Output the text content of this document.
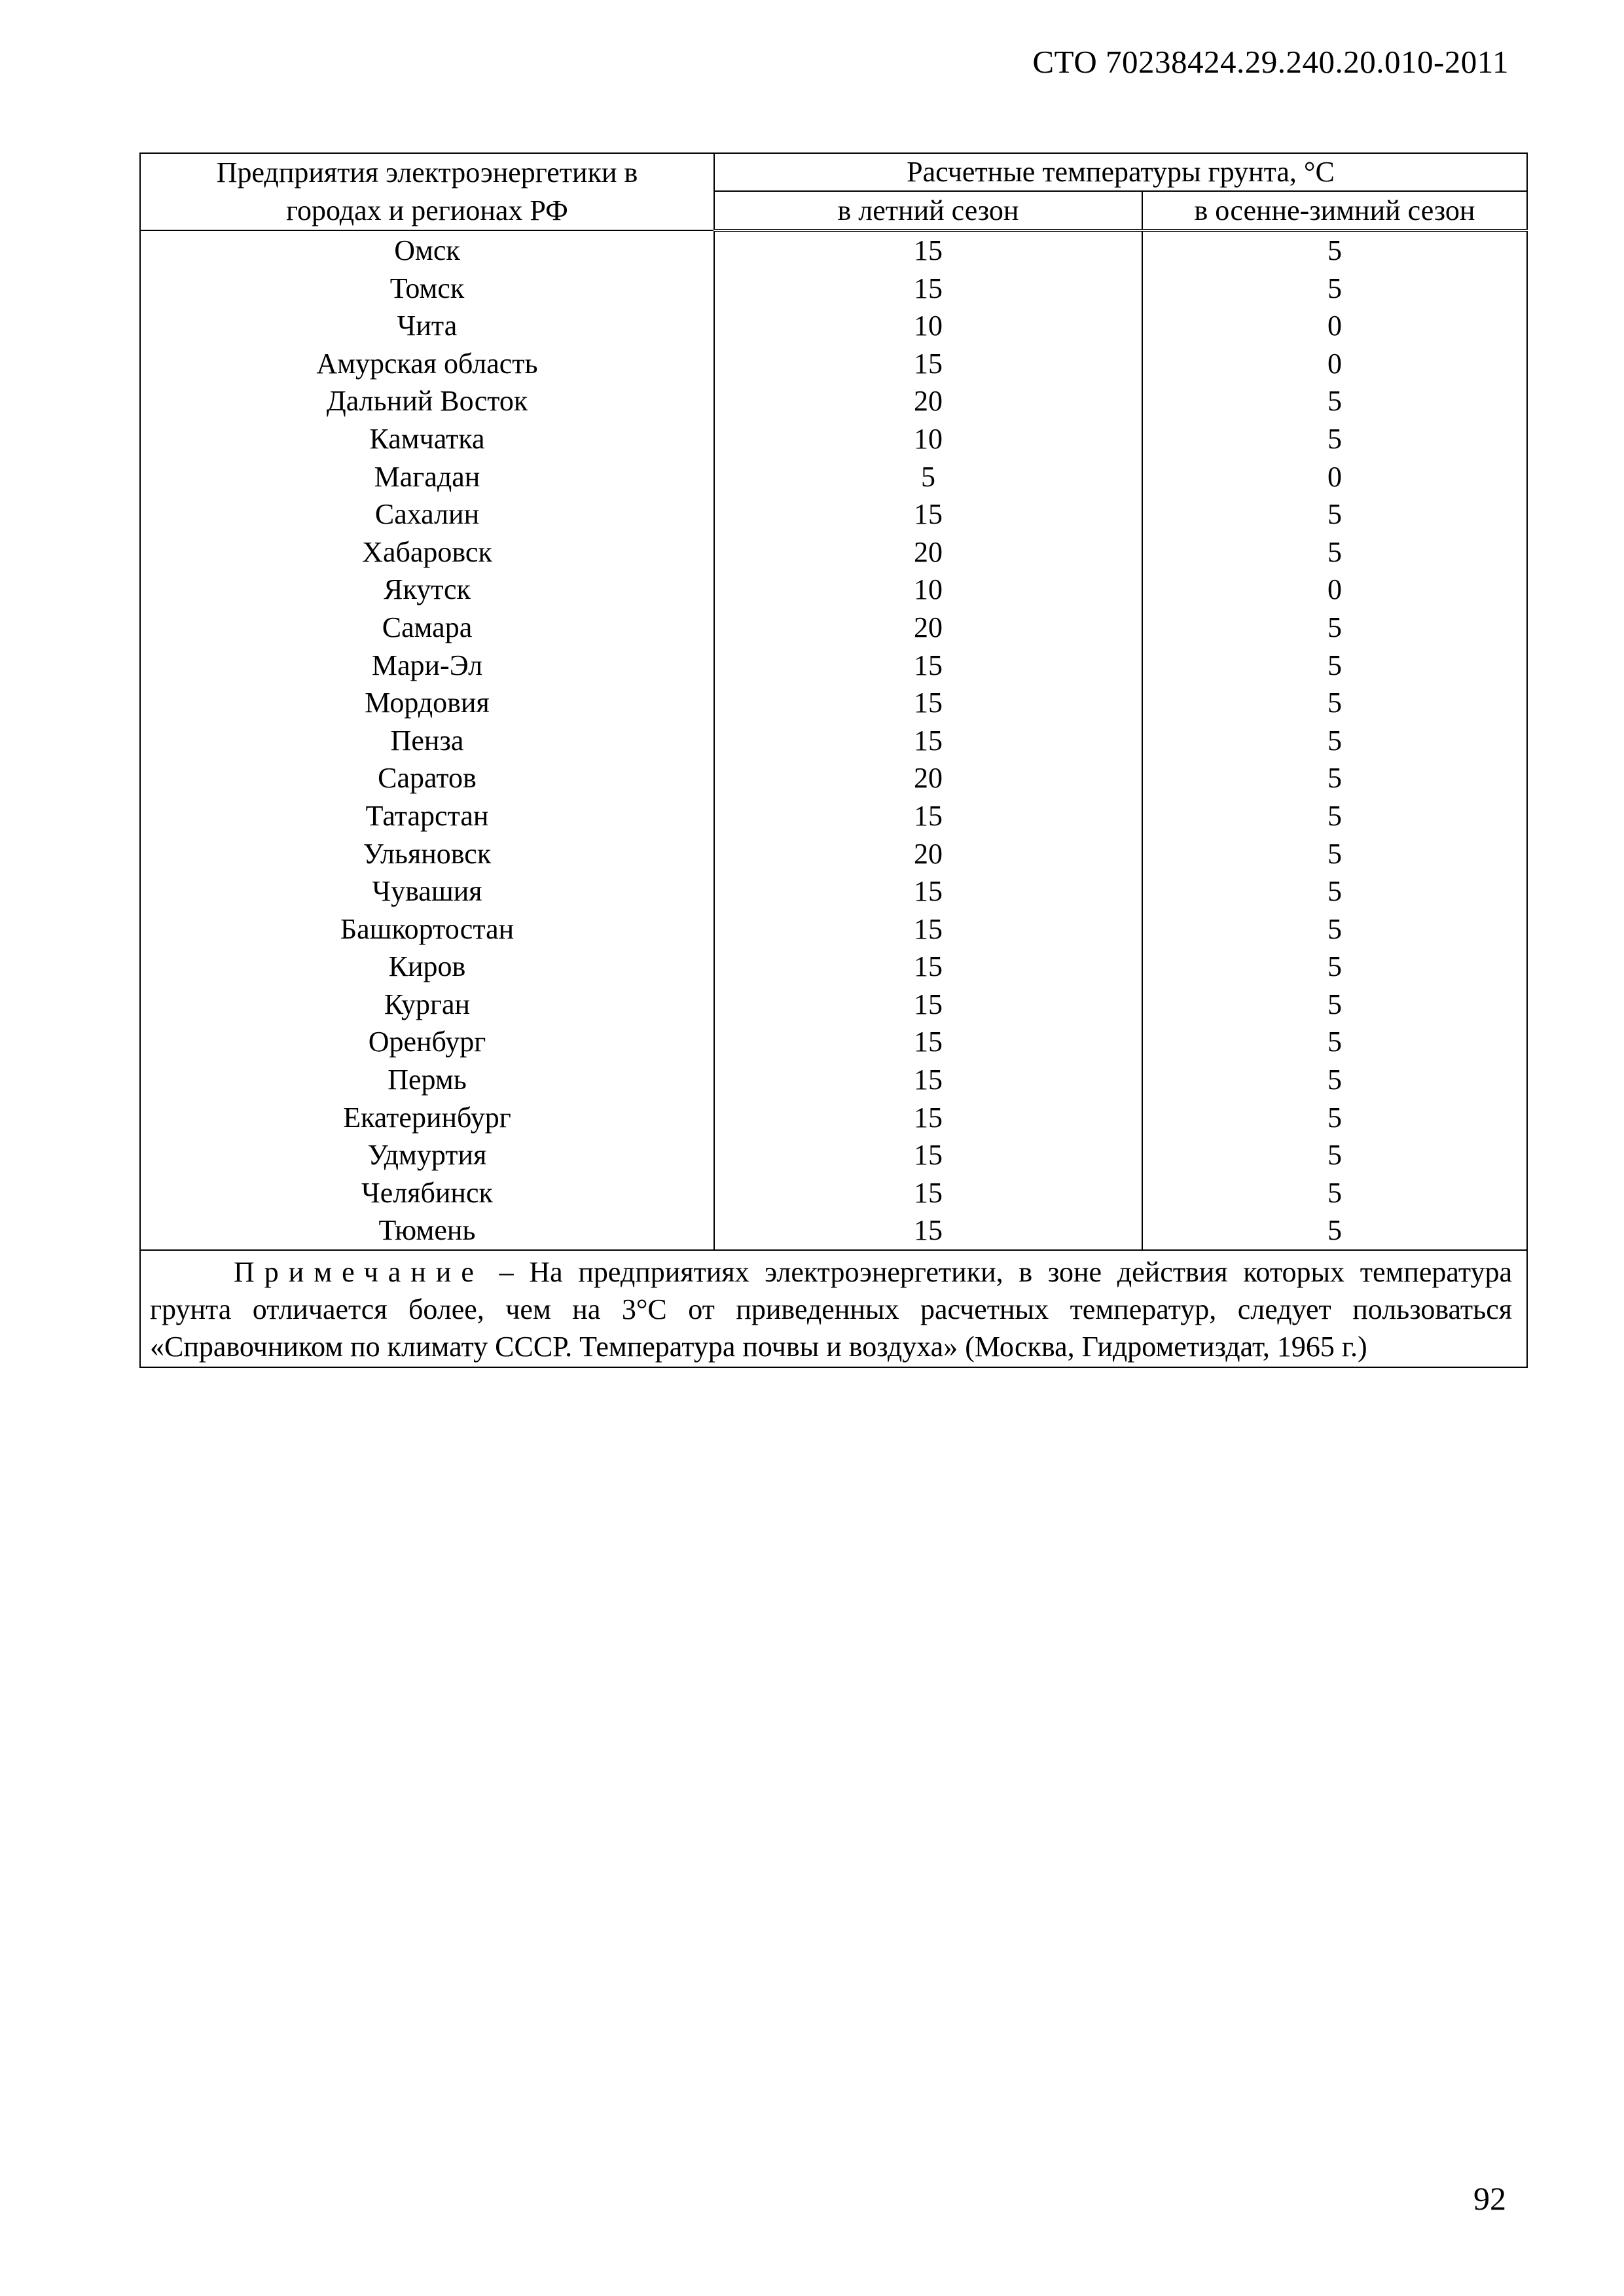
СТО 70238424.29.240.20.010-2011
Предприятия электроэнергетики в
городах и регионах РФ	Расчетные температуры грунта, °С	
	в летний сезон	в осенне-зимний сезон
Омск	15	5
Томск	15	5
Чита	10	0
Амурская область	15	0
Дальний Восток	20	5
Камчатка	10	5
Магадан	5	0
Сахалин	15	5
Хабаровск	20	5
Якутск	10	0
Самара	20	5
Мари-Эл	15	5
Мордовия	15	5
Пенза	15	5
Саратов	20	5
Татарстан	15	5
Ульяновск	20	5
Чувашия	15	5
Башкортостан	15	5
Киров	15	5
Курган	15	5
Оренбург	15	5
Пермь	15	5
Екатеринбург	15	5
Удмуртия	15	5
Челябинск	15	5
Тюмень	15	5
Примечание – На предприятиях электроэнергетики, в зоне действия которых температура грунта отличается более, чем на 3°С от приведенных расчетных температур, следует пользоваться «Справочником по климату СССР. Температура почвы и воздуха» (Москва, Гидрометиздат, 1965 г.)		
92
